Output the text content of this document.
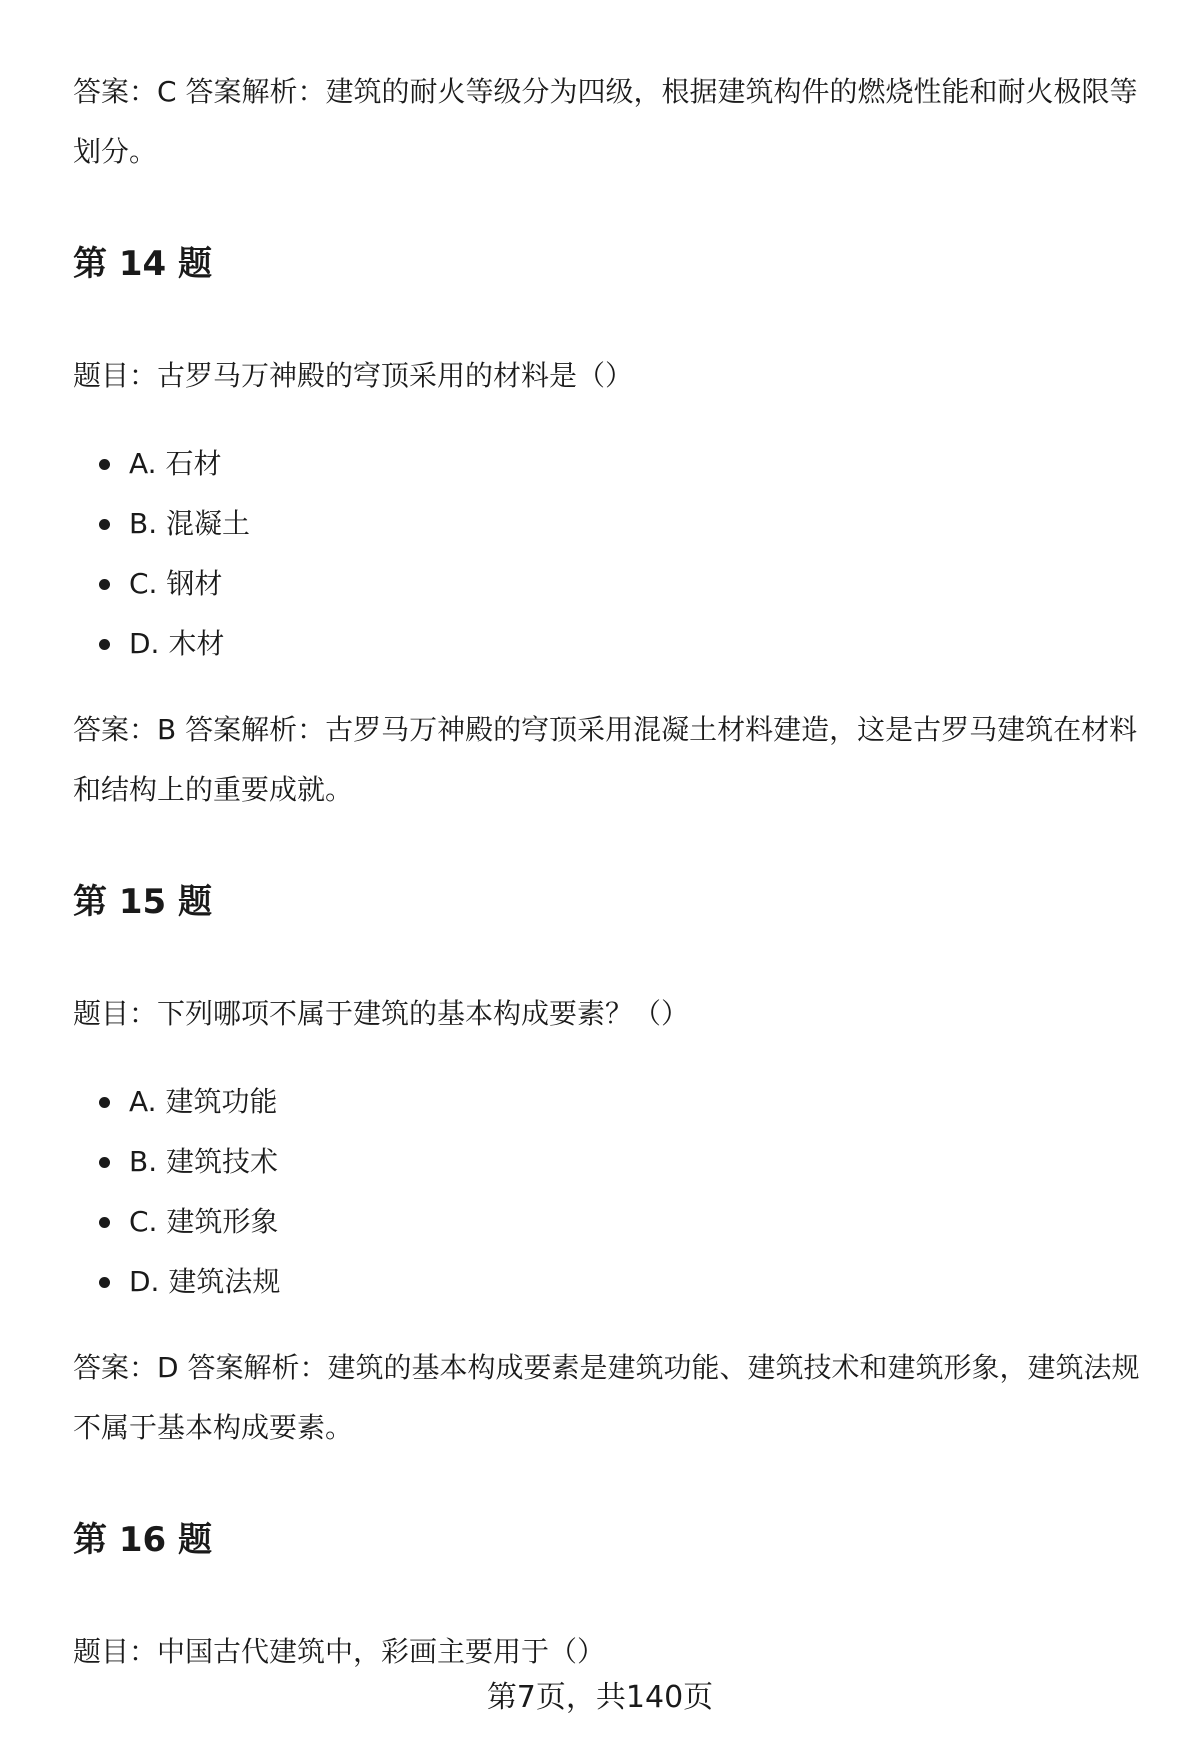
答案：C 答案解析：建筑的耐火等级分为四级，根据建筑构件的燃烧性能和耐火极限等划分。

第 14 题

题目：古罗马万神殿的穹顶采用的材料是（）

A. 石材
B. 混凝土
C. 钢材
D. 木材

答案：B 答案解析：古罗马万神殿的穹顶采用混凝土材料建造，这是古罗马建筑在材料和结构上的重要成就。

第 15 题

题目：下列哪项不属于建筑的基本构成要素？（）

A. 建筑功能
B. 建筑技术
C. 建筑形象
D. 建筑法规

答案：D 答案解析：建筑的基本构成要素是建筑功能、建筑技术和建筑形象，建筑法规不属于基本构成要素。

第 16 题

题目：中国古代建筑中，彩画主要用于（）

第7页，共140页
